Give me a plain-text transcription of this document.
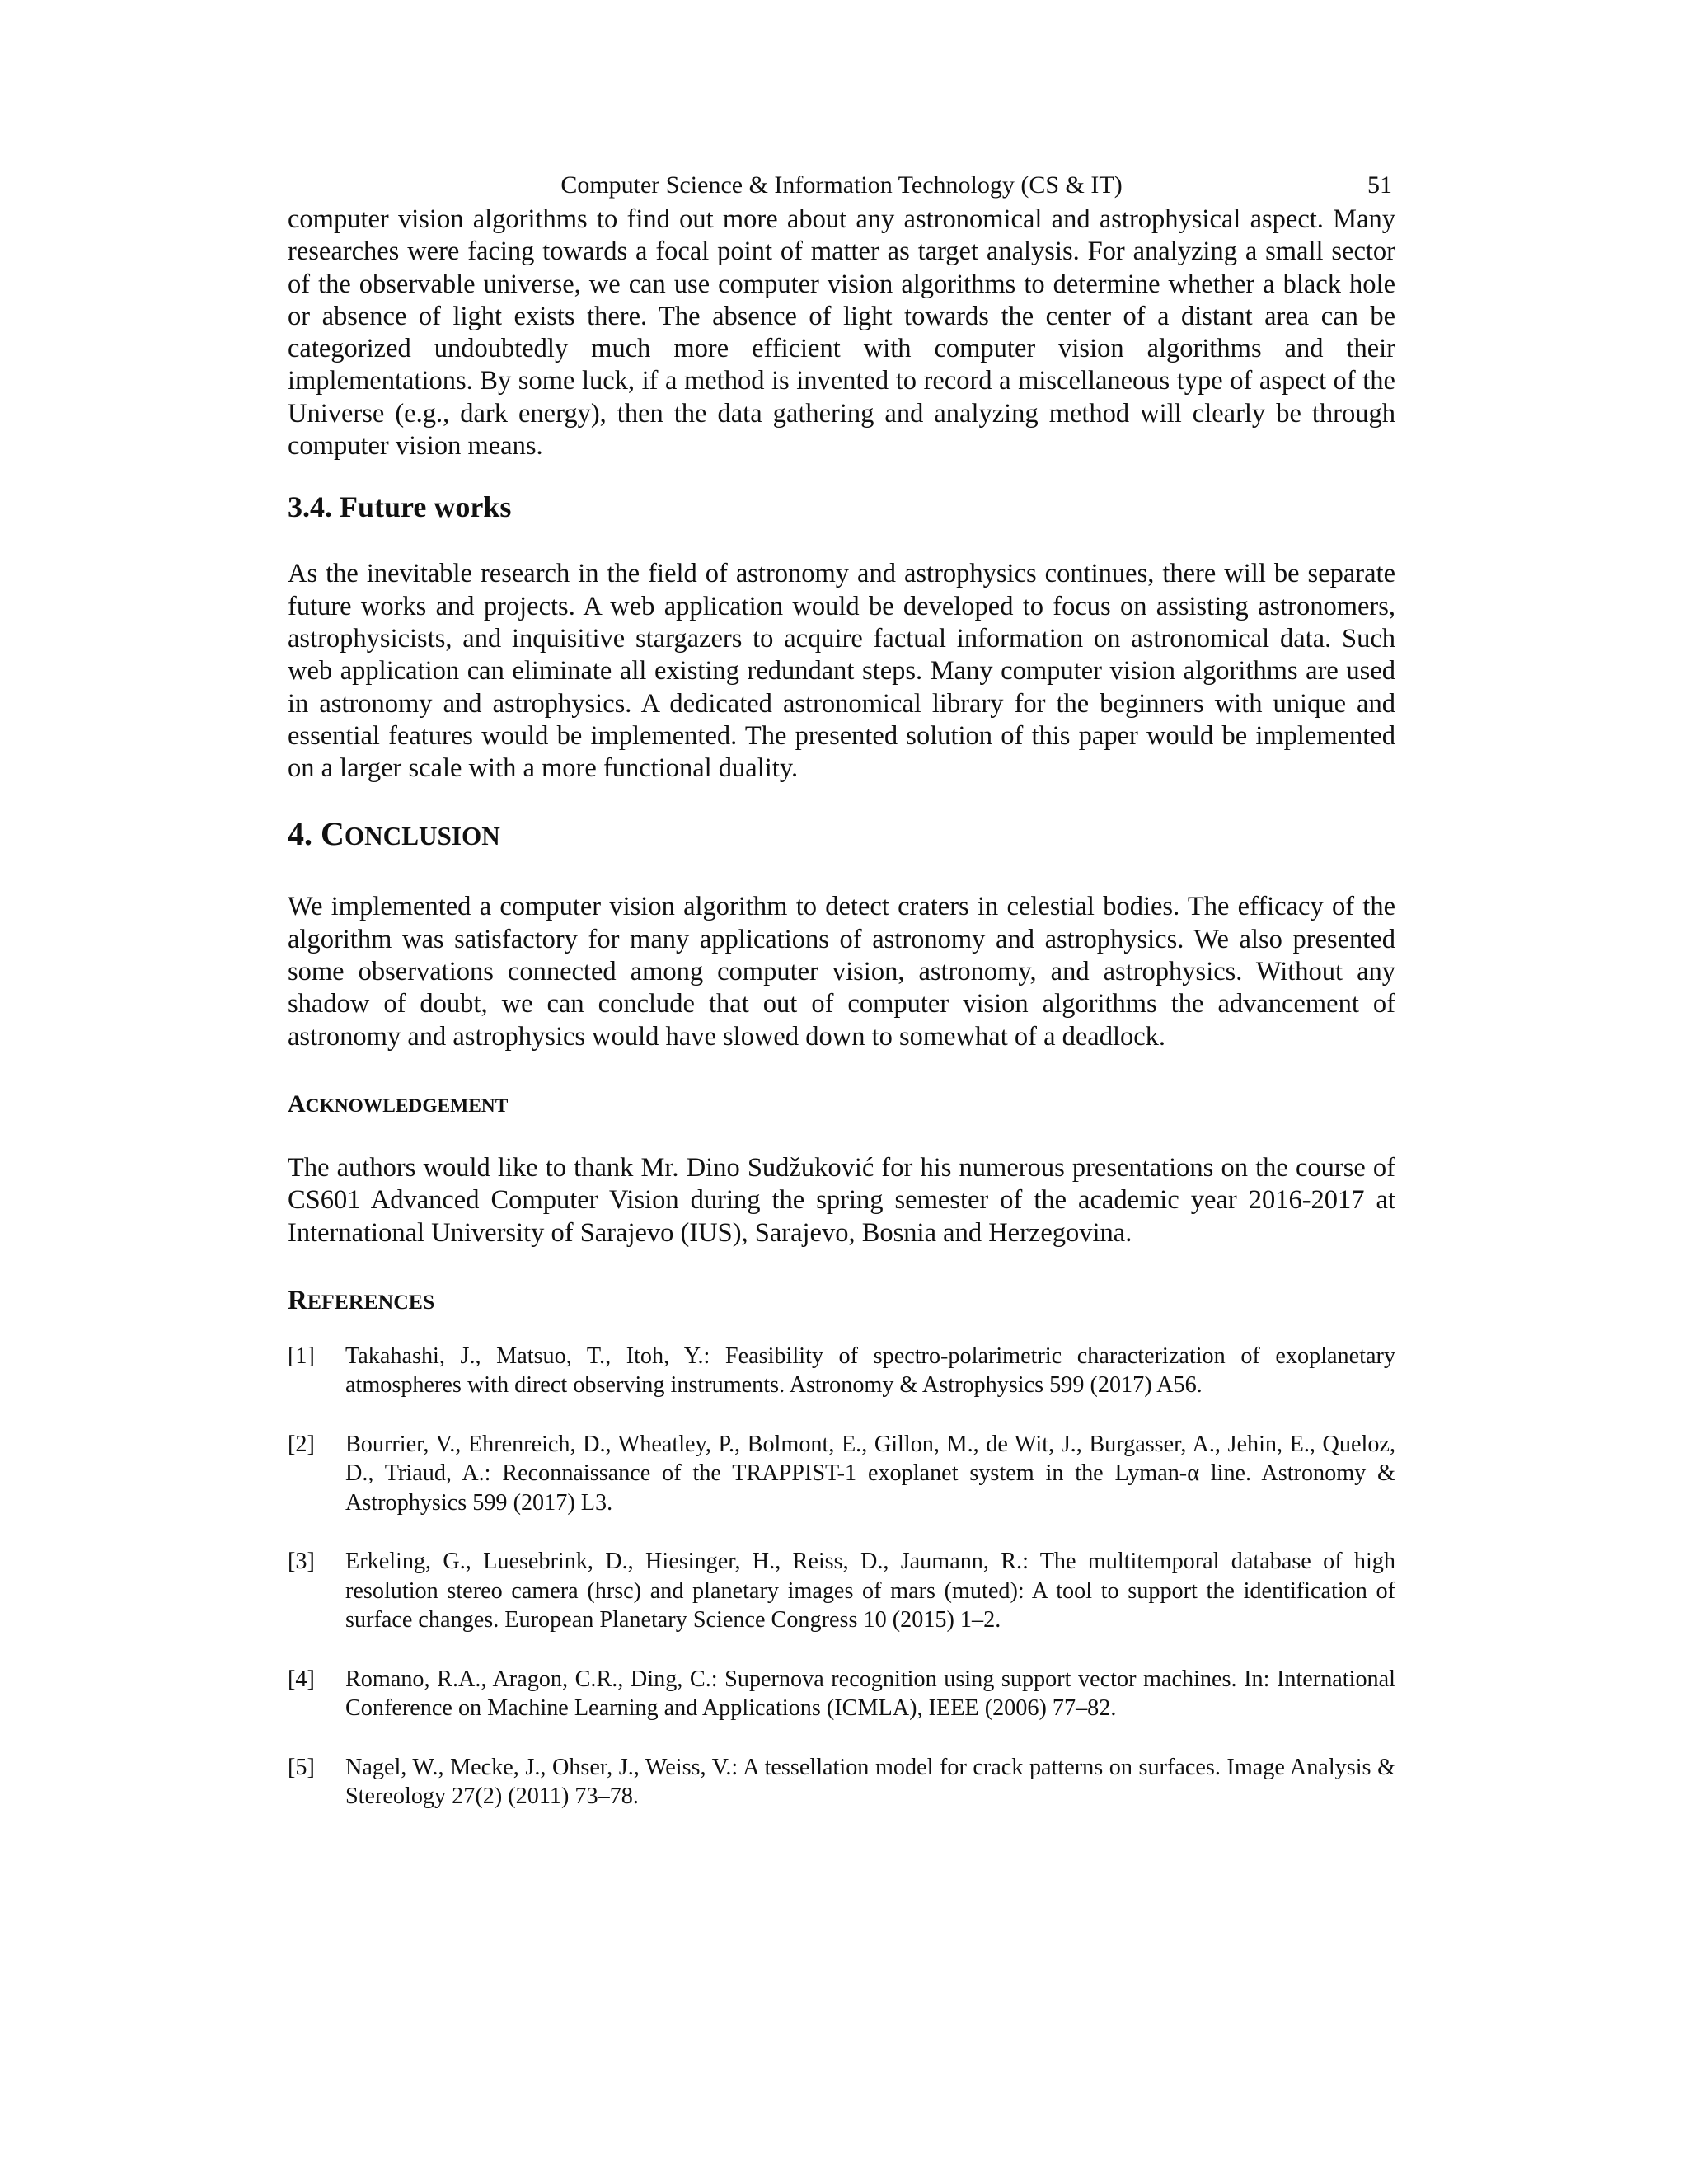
Computer Science & Information Technology (CS & IT)	51

computer vision algorithms to find out more about any astronomical and astrophysical aspect. Many researches were facing towards a focal point of matter as target analysis. For analyzing a small sector of the observable universe, we can use computer vision algorithms to determine whether a black hole or absence of light exists there. The absence of light towards the center of a distant area can be categorized undoubtedly much more efficient with computer vision algorithms and their implementations. By some luck, if a method is invented to record a miscellaneous type of aspect of the Universe (e.g., dark energy), then the data gathering and analyzing method will clearly be through computer vision means.

3.4. Future works

As the inevitable research in the field of astronomy and astrophysics continues, there will be separate future works and projects. A web application would be developed to focus on assisting astronomers, astrophysicists, and inquisitive stargazers to acquire factual information on astronomical data. Such web application can eliminate all existing redundant steps. Many computer vision algorithms are used in astronomy and astrophysics. A dedicated astronomical library for the beginners with unique and essential features would be implemented. The presented solution of this paper would be implemented on a larger scale with a more functional duality.

4. CONCLUSION

We implemented a computer vision algorithm to detect craters in celestial bodies. The efficacy of the algorithm was satisfactory for many applications of astronomy and astrophysics. We also presented some observations connected among computer vision, astronomy, and astrophysics. Without any shadow of doubt, we can conclude that out of computer vision algorithms the advancement of astronomy and astrophysics would have slowed down to somewhat of a deadlock.

ACKNOWLEDGEMENT

The authors would like to thank Mr. Dino Sudžuković for his numerous presentations on the course of CS601 Advanced Computer Vision during the spring semester of the academic year 2016-2017 at International University of Sarajevo (IUS), Sarajevo, Bosnia and Herzegovina.

REFERENCES
[1]	Takahashi, J., Matsuo, T., Itoh, Y.: Feasibility of spectro-polarimetric characterization of exoplanetary atmospheres with direct observing instruments. Astronomy & Astrophysics 599 (2017) A56.
[2]	Bourrier, V., Ehrenreich, D., Wheatley, P., Bolmont, E., Gillon, M., de Wit, J., Burgasser, A., Jehin, E., Queloz, D., Triaud, A.: Reconnaissance of the TRAPPIST-1 exoplanet system in the Lyman-α line. Astronomy & Astrophysics 599 (2017) L3.
[3]	Erkeling, G., Luesebrink, D., Hiesinger, H., Reiss, D., Jaumann, R.: The multitemporal database of high resolution stereo camera (hrsc) and planetary images of mars (muted): A tool to support the identification of surface changes. European Planetary Science Congress 10 (2015) 1–2.
[4]	Romano, R.A., Aragon, C.R., Ding, C.: Supernova recognition using support vector machines. In: International Conference on Machine Learning and Applications (ICMLA), IEEE (2006) 77–82.
[5]	Nagel, W., Mecke, J., Ohser, J., Weiss, V.: A tessellation model for crack patterns on surfaces. Image Analysis & Stereology 27(2) (2011) 73–78.
